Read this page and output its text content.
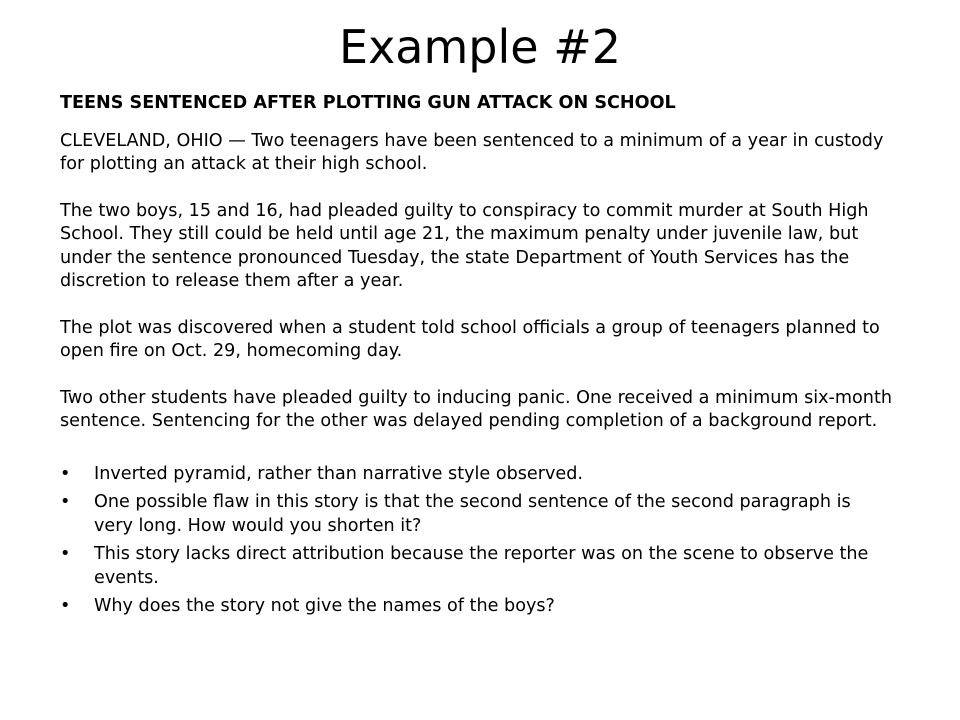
Example #2
TEENS SENTENCED AFTER PLOTTING GUN ATTACK ON SCHOOL

CLEVELAND, OHIO — Two teenagers have been sentenced to a minimum of a year in custody for plotting an attack at their high school.

The two boys, 15 and 16, had pleaded guilty to conspiracy to commit murder at South High School. They still could be held until age 21, the maximum penalty under juvenile law, but under the sentence pronounced Tuesday, the state Department of Youth Services has the discretion to release them after a year.

The plot was discovered when a student told school officials a group of teenagers planned to open fire on Oct. 29, homecoming day.

Two other students have pleaded guilty to inducing panic. One received a minimum six-month sentence. Sentencing for the other was delayed pending completion of a background report.

• Inverted pyramid, rather than narrative style observed.
• One possible flaw in this story is that the second sentence of the second paragraph is very long. How would you shorten it?
• This story lacks direct attribution because the reporter was on the scene to observe the events.
• Why does the story not give the names of the boys?
